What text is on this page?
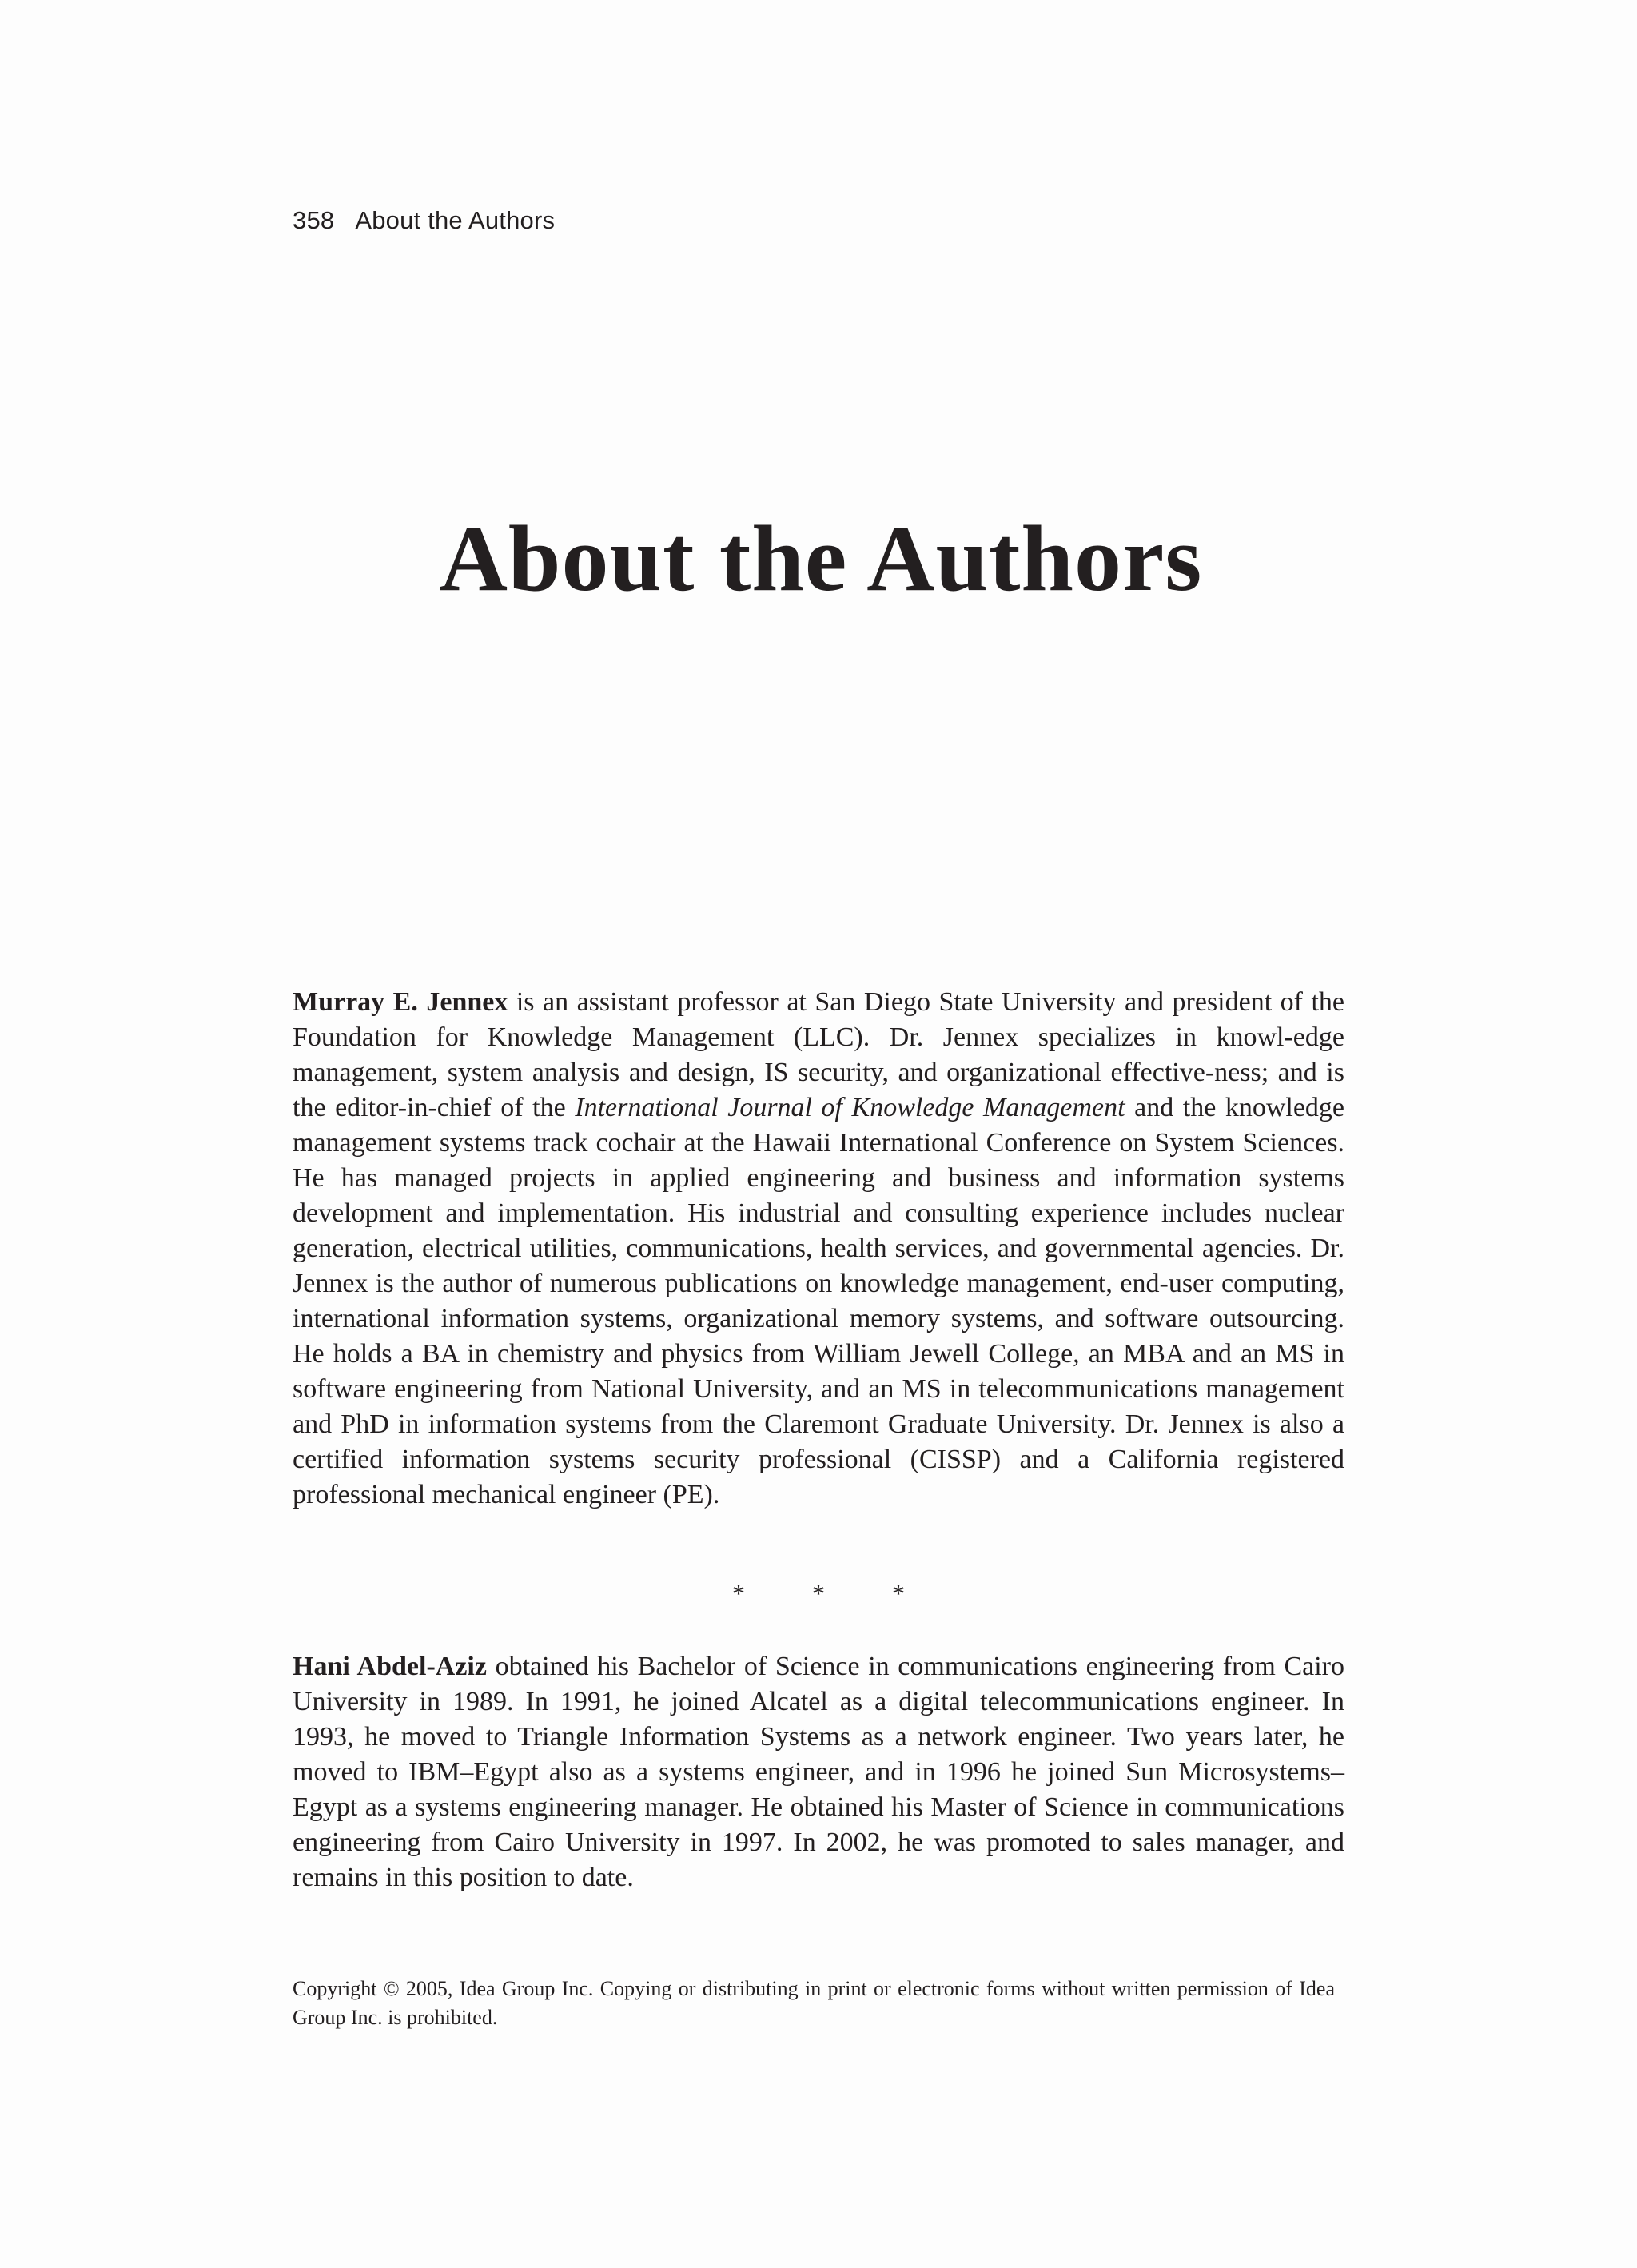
358 About the Authors
About the Authors

Murray E. Jennex is an assistant professor at San Diego State University and president of the Foundation for Knowledge Management (LLC). Dr. Jennex specializes in knowl-edge management, system analysis and design, IS security, and organizational effective-ness; and is the editor-in-chief of the International Journal of Knowledge Management and the knowledge management systems track cochair at the Hawaii International Conference on System Sciences. He has managed projects in applied engineering and business and information systems development and implementation. His industrial and consulting experience includes nuclear generation, electrical utilities, communications, health services, and governmental agencies. Dr. Jennex is the author of numerous publications on knowledge management, end-user computing, international information systems, organizational memory systems, and software outsourcing. He holds a BA in chemistry and physics from William Jewell College, an MBA and an MS in software engineering from National University, and an MS in telecommunications management and PhD in information systems from the Claremont Graduate University. Dr. Jennex is also a certified information systems security professional (CISSP) and a California registered professional mechanical engineer (PE).

* * *

Hani Abdel-Aziz obtained his Bachelor of Science in communications engineering from Cairo University in 1989. In 1991, he joined Alcatel as a digital telecommunications engineer. In 1993, he moved to Triangle Information Systems as a network engineer. Two years later, he moved to IBM–Egypt also as a systems engineer, and in 1996 he joined Sun Microsystems–Egypt as a systems engineering manager. He obtained his Master of Science in communications engineering from Cairo University in 1997. In 2002, he was promoted to sales manager, and remains in this position to date.

Copyright © 2005, Idea Group Inc. Copying or distributing in print or electronic forms without written permission of Idea Group Inc. is prohibited.
